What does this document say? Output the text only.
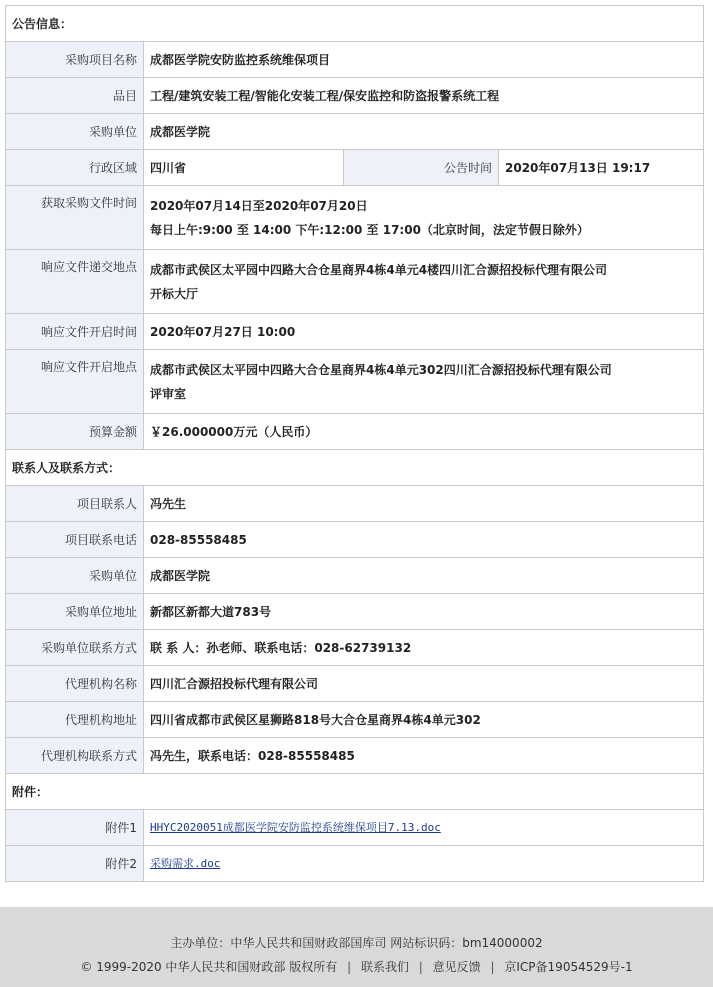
公告信息：			
采购项目名称	成都医学院安防监控系统维保项目		
品目	工程/建筑安装工程/智能化安装工程/保安监控和防盗报警系统工程		
采购单位	成都医学院		
行政区域	四川省	公告时间	2020年07月13日 19:17
获取采购文件时间	2020年07月14日至2020年07月20日
每日上午:9:00 至 14:00 下午:12:00 至 17:00（北京时间，法定节假日除外）		

响应文件递交地点	成都市武侯区太平园中四路大合仓星商界4栋4单元4楼四川汇合源招投标代理有限公司
开标大厅		

响应文件开启时间	2020年07月27日 10:00		
响应文件开启地点	成都市武侯区太平园中四路大合仓星商界4栋4单元302四川汇合源招投标代理有限公司
评审室		

预算金额	￥26.000000万元（人民币）		
联系人及联系方式：			
项目联系人	冯先生		
项目联系电话	028-85558485		
采购单位	成都医学院		
采购单位地址	新都区新都大道783号		
采购单位联系方式	联 系 人：孙老师、联系电话：028-62739132		
代理机构名称	四川汇合源招投标代理有限公司		
代理机构地址	四川省成都市武侯区星狮路818号大合仓星商界4栋4单元302		
代理机构联系方式	冯先生，联系电话：028-85558485		
附件：			
附件1	HHYC2020051成都医学院安防监控系统维保项目7.13.doc		
附件2	采购需求.doc		
主办单位：中华人民共和国财政部国库司 网站标识码：bm14000002
© 1999-2020 中华人民共和国财政部 版权所有 | 联系我们 | 意见反馈 | 京ICP备19054529号-1
